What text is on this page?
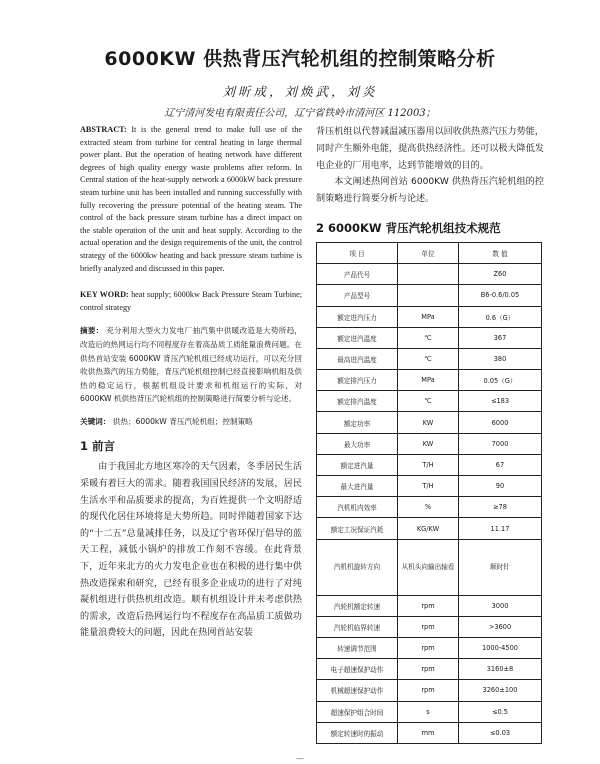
6000KW 供热背压汽轮机组的控制策略分析
刘昕成，刘焕武，刘炎
辽宁清河发电有限责任公司，辽宁省铁岭市清河区 112003；

ABSTRACT: It is the general trend to make full use of the extracted steam from turbine for central heating in large thermal power plant. But the operation of heating network have different degrees of high quality energy waste problems after reform. In Central station of the heat-supply network a 6000kW back pressure steam turbine unit has been installed and running successfully with fully recovering the pressure potential of the heating steam. The control of the back pressure steam turbine has a direct impact on the stable operation of the unit and heat supply. According to the actual operation and the design requirements of the unit, the control strategy of the 6000kw heating and back pressure steam turbine is briefly analyzed and discussed in this paper.

KEY WORD: heat supply; 6000kw Back Pressure Steam Turbine; control strategy

摘要： 充分利用大型火力发电厂抽汽集中供暖改造是大势所趋，改造后的热网运行均不同程度存在着高品质工质能量浪费问题。在供热首站安装 6000KW 背压汽轮机组已经成功运行，可以充分回收供热蒸汽的压力势能，背压汽轮机组控制已经直接影响机组及供热的稳定运行，根据机组设计要求和机组运行的实际，对 6000KW 机供热背压汽轮机组的控制策略进行简要分析与论述。

关键词： 供热；6000kW 背压汽轮机组；控制策略

1 前言

由于我国北方地区寒冷的天气因素，冬季居民生活采暖有着巨大的需求。随着我国国民经济的发展，居民生活水平和品质要求的提高，为百姓提供一个文明舒适的现代化居住环境将是大势所趋。同时伴随着国家下达的“十二五”总量减排任务，以及辽宁省环保厅倡导的蓝天工程，减低小锅炉的排放工作刻不容缓。在此背景下，近年来北方的火力发电企业也在积极的进行集中供热改造探索和研究，已经有很多企业成功的进行了对纯凝机组进行供热机组改造。顺有机组设计并未考虑供热的需求，改造后热网运行均不程度存在高品质工质做功能量浪费较大的问题，因此在热网首站安装

背压机组以代替减温减压器用以回收供热蒸汽压力势能，同时产生额外电能，提高供热经济性。还可以极大降低发电企业的厂用电率，达到节能增效的目的。

本文阐述热网首站 6000KW 供热背压汽轮机组的控制策略进行简要分析与论述。

2 6000KW 背压汽轮机组技术规范
项 目	单位	数 值
产品代号		Z60
产品型号		B6-0.6/0.05
额定进汽压力	MPa	0.6（G）
额定进汽温度	℃	367
最高进汽温度	℃	380
额定排汽压力	MPa	0.05（G）
额定排汽温度	℃	≤183
额定功率	KW	6000
最大功率	KW	7000
额定进汽量	T/H	67
最大进汽量	T/H	90
汽机机内效率	%	≥78
额定工况保证汽耗	KG/KW	11.17
汽机机旋转方向	从机头向输出轴看	顺时针
汽轮机额定转速	rpm	3000
汽轮机临界转速	rpm	>3600
转速调节范围	rpm	1000-4500
电子超速保护动作	rpm	3160±8
机械超速保护动作	rpm	3260±100
超速保护组合时间	s	≤0.5
额定转速时的振动	mm	≤0.03
—
